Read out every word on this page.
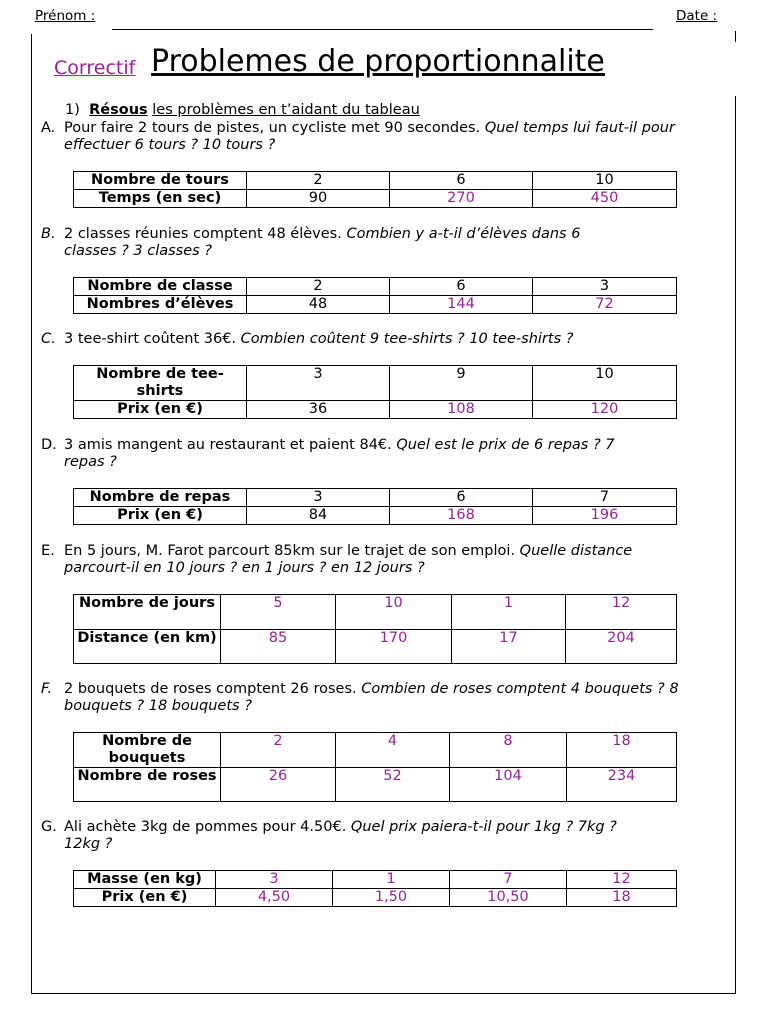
Prénom :	Date :
Correctif Problemes de proportionnalite
1) Résous les problèmes en t’aidant du tableau
A. Pour faire 2 tours de pistes, un cycliste met 90 secondes. Quel temps lui faut-il pour
effectuer 6 tours ? 10 tours ?
Nombre de tours	2	6	10
Temps (en sec)	90	270	450
B. 2 classes réunies comptent 48 élèves. Combien y a-t-il d’élèves dans 6
classes ? 3 classes ?
Nombre de classe	2	6	3
Nombres d’élèves	48	144	72
C. 3 tee-shirt coûtent 36€. Combien coûtent 9 tee-shirts ? 10 tee-shirts ?
Nombre de tee-shirts	3	9	10
Prix (en €)	36	108	120
D. 3 amis mangent au restaurant et paient 84€. Quel est le prix de 6 repas ? 7
repas ?
Nombre de repas	3	6	7
Prix (en €)	84	168	196
E. En 5 jours, M. Farot parcourt 85km sur le trajet de son emploi. Quelle distance
parcourt-il en 10 jours ? en 1 jours ? en 12 jours ?
Nombre de jours	5	10	1	12
Distance (en km)	85	170	17	204
F. 2 bouquets de roses comptent 26 roses. Combien de roses comptent 4 bouquets ? 8
bouquets ? 18 bouquets ?
Nombre de bouquets	2	4	8	18
Nombre de roses	26	52	104	234
G. Ali achète 3kg de pommes pour 4.50€. Quel prix paiera-t-il pour 1kg ? 7kg ?
12kg ?
Masse (en kg)	3	1	7	12
Prix (en €)	4,50	1,50	10,50	18
